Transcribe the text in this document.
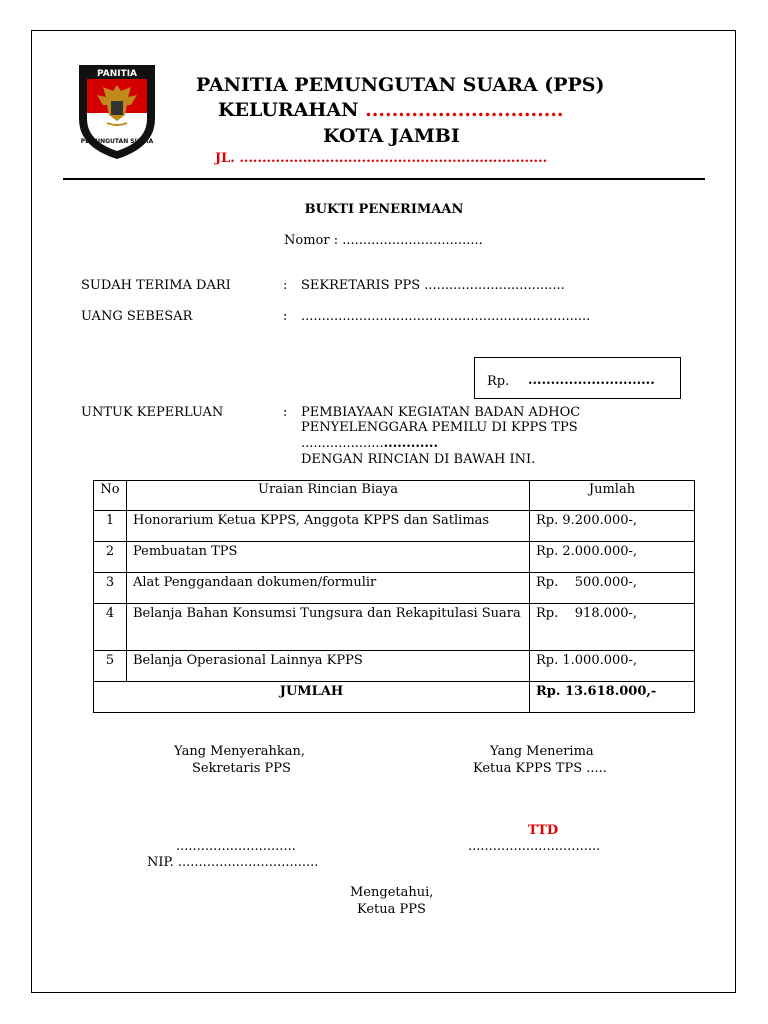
PANITIA
PEMUNGUTAN SUARA
PANITIA PEMUNGUTAN SUARA (PPS)
KELURAHAN ..............................
KOTA JAMBI
JL. ....................................................................
BUKTI PENERIMAAN
Nomor : ..................................
SUDAH TERIMA DARI	: SEKRETARIS PPS ..................................
UANG SEBESAR	: ......................................................................
Rp. ............................
UNTUK KEPERLUAN	: PEMBIAYAAN KEGIATAN BADAN ADHOC
PENYELENGGARA PEMILU DI KPPS TPS
................................
DENGAN RINCIAN DI BAWAH INI.
No	Uraian Rincian Biaya	Jumlah
1	Honorarium Ketua KPPS, Anggota KPPS dan Satlimas	Rp. 9.200.000-,
2	Pembuatan TPS	Rp. 2.000.000-,
3	Alat Penggandaan dokumen/formulir	Rp.    500.000-,
4	Belanja Bahan Konsumsi Tungsura dan Rekapitulasi Suara	Rp.    918.000-,
5	Belanja Operasional Lainnya KPPS	Rp. 1.000.000-,
JUMLAH		Rp. 13.618.000,-
Yang Menyerahkan,
Sekretaris PPS
Yang Menerima
Ketua KPPS TPS .....
TTD
.............................	................................
NIP. ..................................
Mengetahui,
Ketua PPS
